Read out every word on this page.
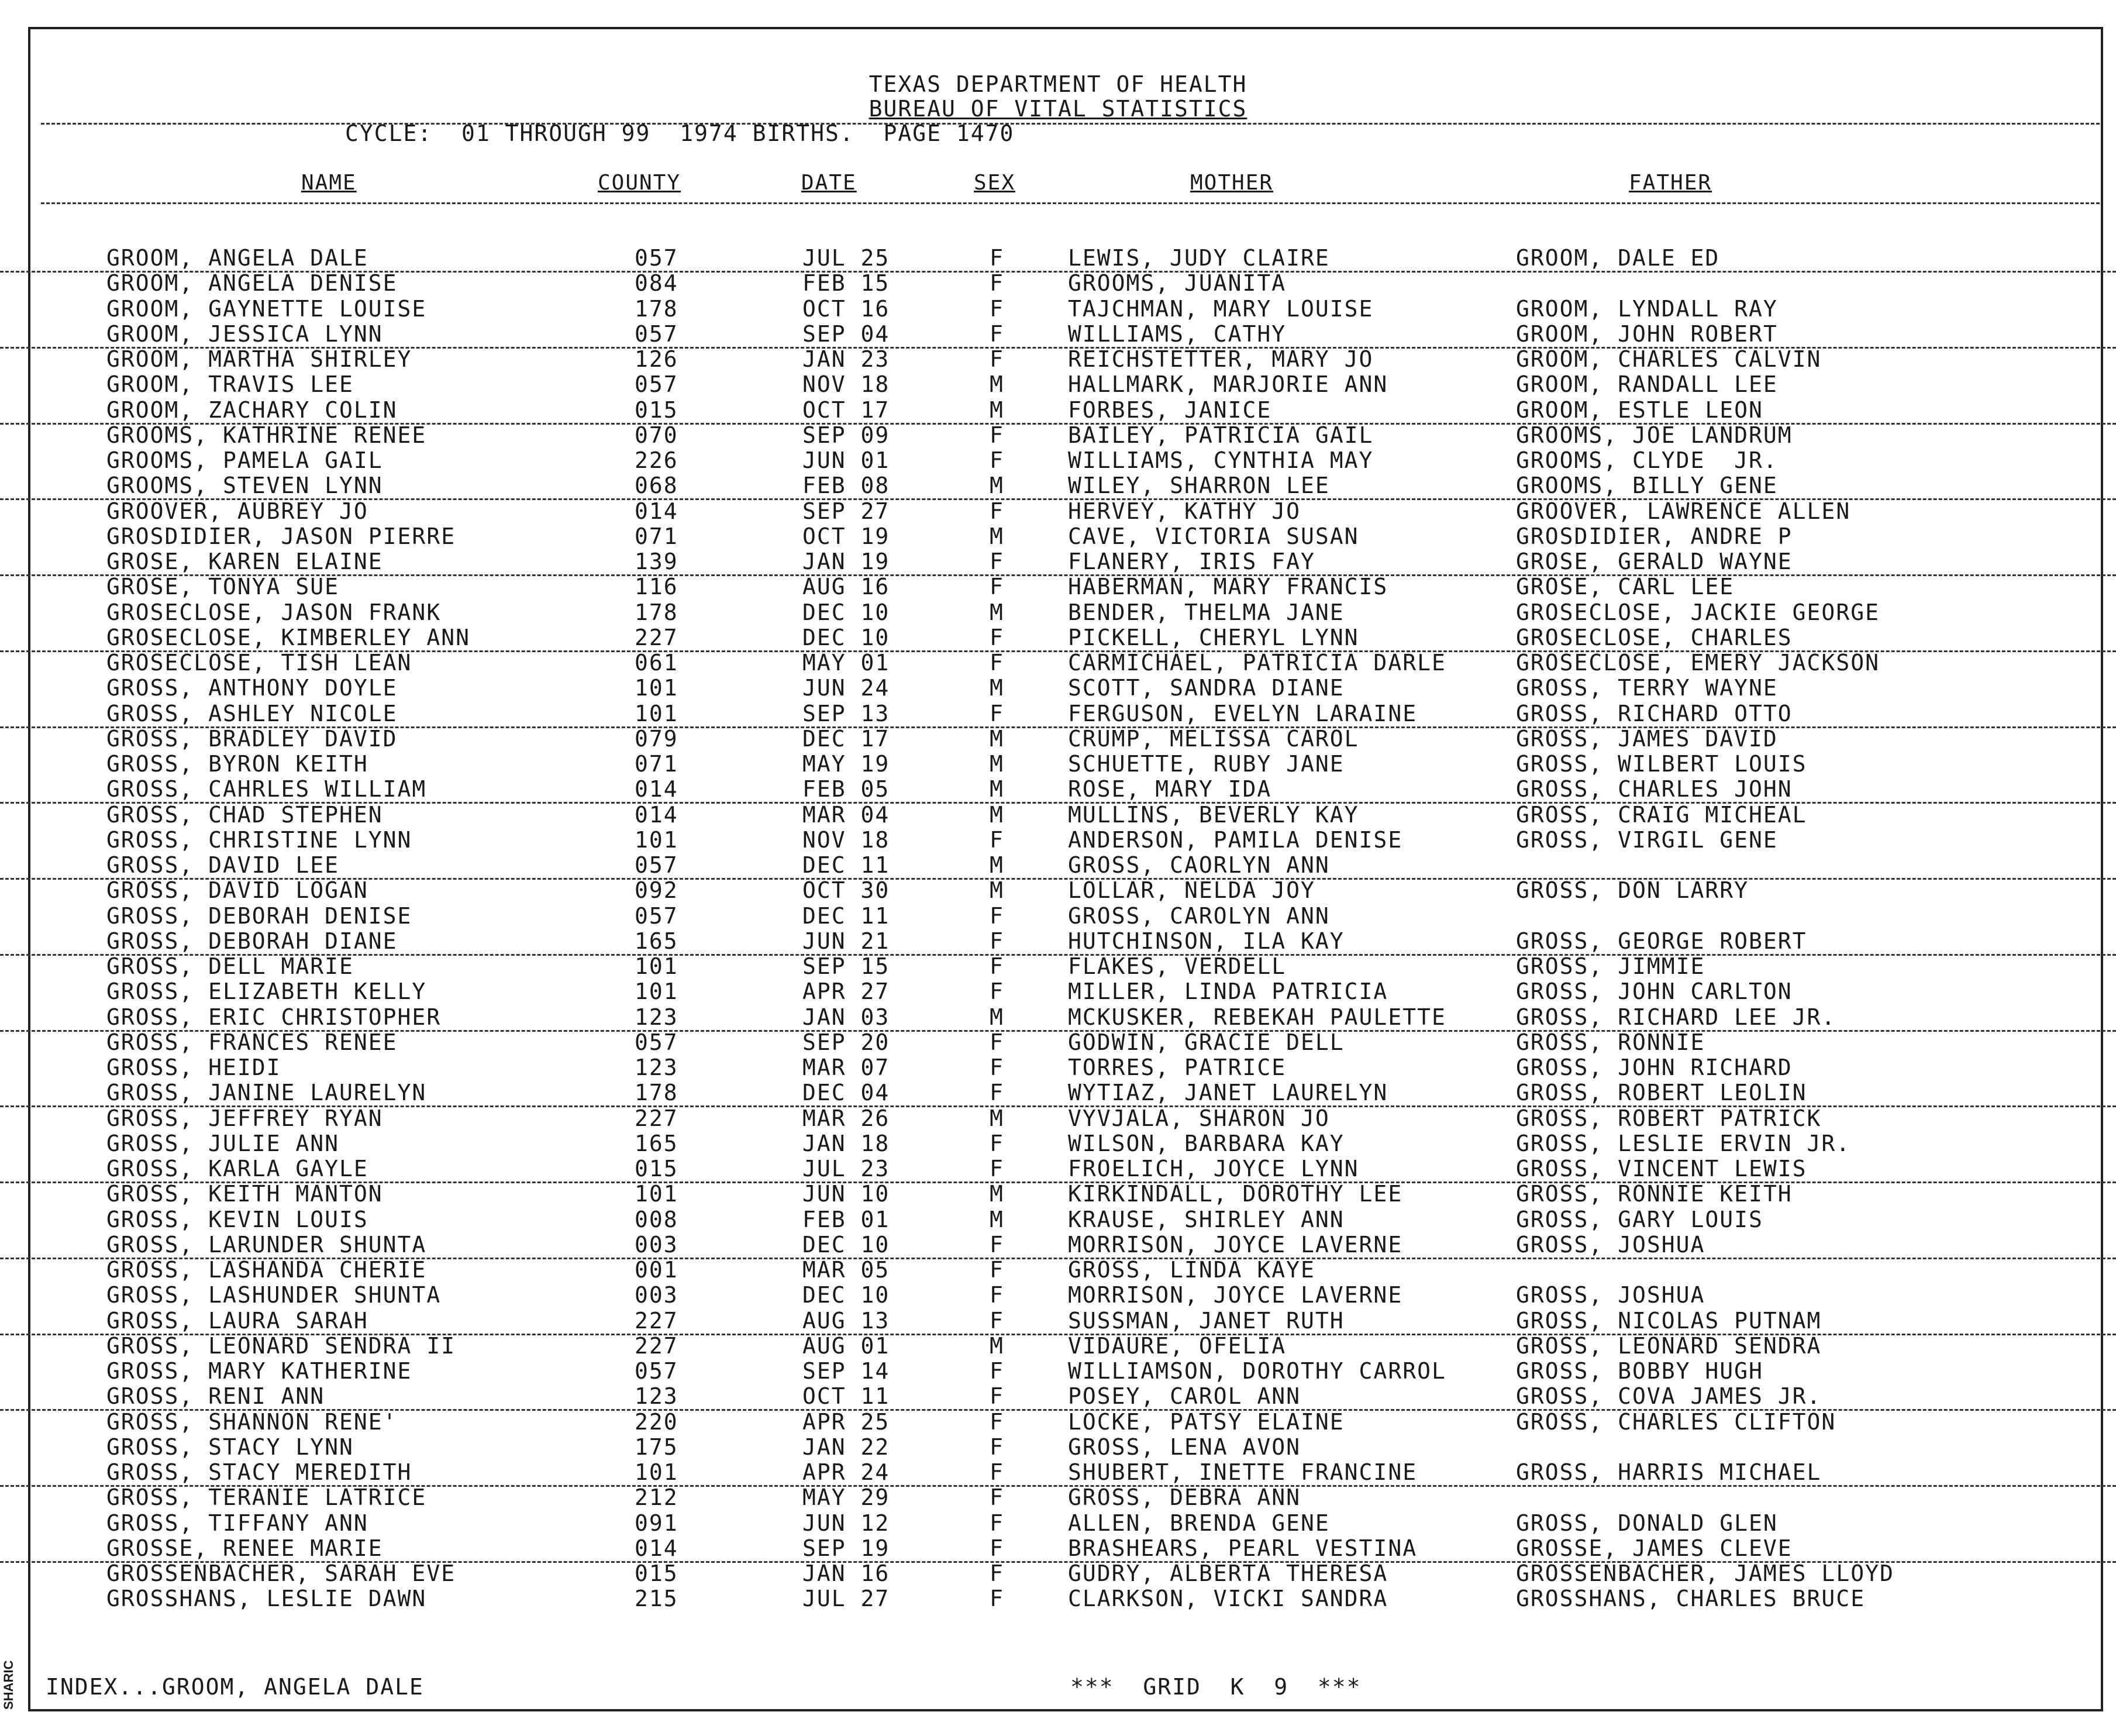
TEXAS DEPARTMENT OF HEALTH
BUREAU OF VITAL STATISTICS
CYCLE:  01 THROUGH 99  1974 BIRTHS.  PAGE 1470
NAME	COUNTY	DATE	SEX	MOTHER	FATHER
GROOM, ANGELA DALE	057	JUL 25	F	LEWIS, JUDY CLAIRE	GROOM, DALE ED
GROOM, ANGELA DENISE	084	FEB 15	F	GROOMS, JUANITA
GROOM, GAYNETTE LOUISE	178	OCT 16	F	TAJCHMAN, MARY LOUISE	GROOM, LYNDALL RAY
GROOM, JESSICA LYNN	057	SEP 04	F	WILLIAMS, CATHY	GROOM, JOHN ROBERT
GROOM, MARTHA SHIRLEY	126	JAN 23	F	REICHSTETTER, MARY JO	GROOM, CHARLES CALVIN
GROOM, TRAVIS LEE	057	NOV 18	M	HALLMARK, MARJORIE ANN	GROOM, RANDALL LEE
GROOM, ZACHARY COLIN	015	OCT 17	M	FORBES, JANICE	GROOM, ESTLE LEON
GROOMS, KATHRINE RENEE	070	SEP 09	F	BAILEY, PATRICIA GAIL	GROOMS, JOE LANDRUM
GROOMS, PAMELA GAIL	226	JUN 01	F	WILLIAMS, CYNTHIA MAY	GROOMS, CLYDE  JR.
GROOMS, STEVEN LYNN	068	FEB 08	M	WILEY, SHARRON LEE	GROOMS, BILLY GENE
GROOVER, AUBREY JO	014	SEP 27	F	HERVEY, KATHY JO	GROOVER, LAWRENCE ALLEN
GROSDIDIER, JASON PIERRE	071	OCT 19	M	CAVE, VICTORIA SUSAN	GROSDIDIER, ANDRE P
GROSE, KAREN ELAINE	139	JAN 19	F	FLANERY, IRIS FAY	GROSE, GERALD WAYNE
GROSE, TONYA SUE	116	AUG 16	F	HABERMAN, MARY FRANCIS	GROSE, CARL LEE
GROSECLOSE, JASON FRANK	178	DEC 10	M	BENDER, THELMA JANE	GROSECLOSE, JACKIE GEORGE
GROSECLOSE, KIMBERLEY ANN	227	DEC 10	F	PICKELL, CHERYL LYNN	GROSECLOSE, CHARLES
GROSECLOSE, TISH LEAN	061	MAY 01	F	CARMICHAEL, PATRICIA DARLE	GROSECLOSE, EMERY JACKSON
GROSS, ANTHONY DOYLE	101	JUN 24	M	SCOTT, SANDRA DIANE	GROSS, TERRY WAYNE
GROSS, ASHLEY NICOLE	101	SEP 13	F	FERGUSON, EVELYN LARAINE	GROSS, RICHARD OTTO
GROSS, BRADLEY DAVID	079	DEC 17	M	CRUMP, MELISSA CAROL	GROSS, JAMES DAVID
GROSS, BYRON KEITH	071	MAY 19	M	SCHUETTE, RUBY JANE	GROSS, WILBERT LOUIS
GROSS, CAHRLES WILLIAM	014	FEB 05	M	ROSE, MARY IDA	GROSS, CHARLES JOHN
GROSS, CHAD STEPHEN	014	MAR 04	M	MULLINS, BEVERLY KAY	GROSS, CRAIG MICHEAL
GROSS, CHRISTINE LYNN	101	NOV 18	F	ANDERSON, PAMILA DENISE	GROSS, VIRGIL GENE
GROSS, DAVID LEE	057	DEC 11	M	GROSS, CAORLYN ANN
GROSS, DAVID LOGAN	092	OCT 30	M	LOLLAR, NELDA JOY	GROSS, DON LARRY
GROSS, DEBORAH DENISE	057	DEC 11	F	GROSS, CAROLYN ANN
GROSS, DEBORAH DIANE	165	JUN 21	F	HUTCHINSON, ILA KAY	GROSS, GEORGE ROBERT
GROSS, DELL MARIE	101	SEP 15	F	FLAKES, VERDELL	GROSS, JIMMIE
GROSS, ELIZABETH KELLY	101	APR 27	F	MILLER, LINDA PATRICIA	GROSS, JOHN CARLTON
GROSS, ERIC CHRISTOPHER	123	JAN 03	M	MCKUSKER, REBEKAH PAULETTE	GROSS, RICHARD LEE JR.
GROSS, FRANCES RENEE	057	SEP 20	F	GODWIN, GRACIE DELL	GROSS, RONNIE
GROSS, HEIDI	123	MAR 07	F	TORRES, PATRICE	GROSS, JOHN RICHARD
GROSS, JANINE LAURELYN	178	DEC 04	F	WYTIAZ, JANET LAURELYN	GROSS, ROBERT LEOLIN
GROSS, JEFFREY RYAN	227	MAR 26	M	VYVJALA, SHARON JO	GROSS, ROBERT PATRICK
GROSS, JULIE ANN	165	JAN 18	F	WILSON, BARBARA KAY	GROSS, LESLIE ERVIN JR.
GROSS, KARLA GAYLE	015	JUL 23	F	FROELICH, JOYCE LYNN	GROSS, VINCENT LEWIS
GROSS, KEITH MANTON	101	JUN 10	M	KIRKINDALL, DOROTHY LEE	GROSS, RONNIE KEITH
GROSS, KEVIN LOUIS	008	FEB 01	M	KRAUSE, SHIRLEY ANN	GROSS, GARY LOUIS
GROSS, LARUNDER SHUNTA	003	DEC 10	F	MORRISON, JOYCE LAVERNE	GROSS, JOSHUA
GROSS, LASHANDA CHERIE	001	MAR 05	F	GROSS, LINDA KAYE
GROSS, LASHUNDER SHUNTA	003	DEC 10	F	MORRISON, JOYCE LAVERNE	GROSS, JOSHUA
GROSS, LAURA SARAH	227	AUG 13	F	SUSSMAN, JANET RUTH	GROSS, NICOLAS PUTNAM
GROSS, LEONARD SENDRA II	227	AUG 01	M	VIDAURE, OFELIA	GROSS, LEONARD SENDRA
GROSS, MARY KATHERINE	057	SEP 14	F	WILLIAMSON, DOROTHY CARROL	GROSS, BOBBY HUGH
GROSS, RENI ANN	123	OCT 11	F	POSEY, CAROL ANN	GROSS, COVA JAMES JR.
GROSS, SHANNON RENE'	220	APR 25	F	LOCKE, PATSY ELAINE	GROSS, CHARLES CLIFTON
GROSS, STACY LYNN	175	JAN 22	F	GROSS, LENA AVON
GROSS, STACY MEREDITH	101	APR 24	F	SHUBERT, INETTE FRANCINE	GROSS, HARRIS MICHAEL
GROSS, TERANIE LATRICE	212	MAY 29	F	GROSS, DEBRA ANN
GROSS, TIFFANY ANN	091	JUN 12	F	ALLEN, BRENDA GENE	GROSS, DONALD GLEN
GROSSE, RENEE MARIE	014	SEP 19	F	BRASHEARS, PEARL VESTINA	GROSSE, JAMES CLEVE
GROSSENBACHER, SARAH EVE	015	JAN 16	F	GUDRY, ALBERTA THERESA	GROSSENBACHER, JAMES LLOYD
GROSSHANS, LESLIE DAWN	215	JUL 27	F	CLARKSON, VICKI SANDRA	GROSSHANS, CHARLES BRUCE
INDEX...GROOM, ANGELA DALE	***  GRID  K  9  ***
SHARIC
